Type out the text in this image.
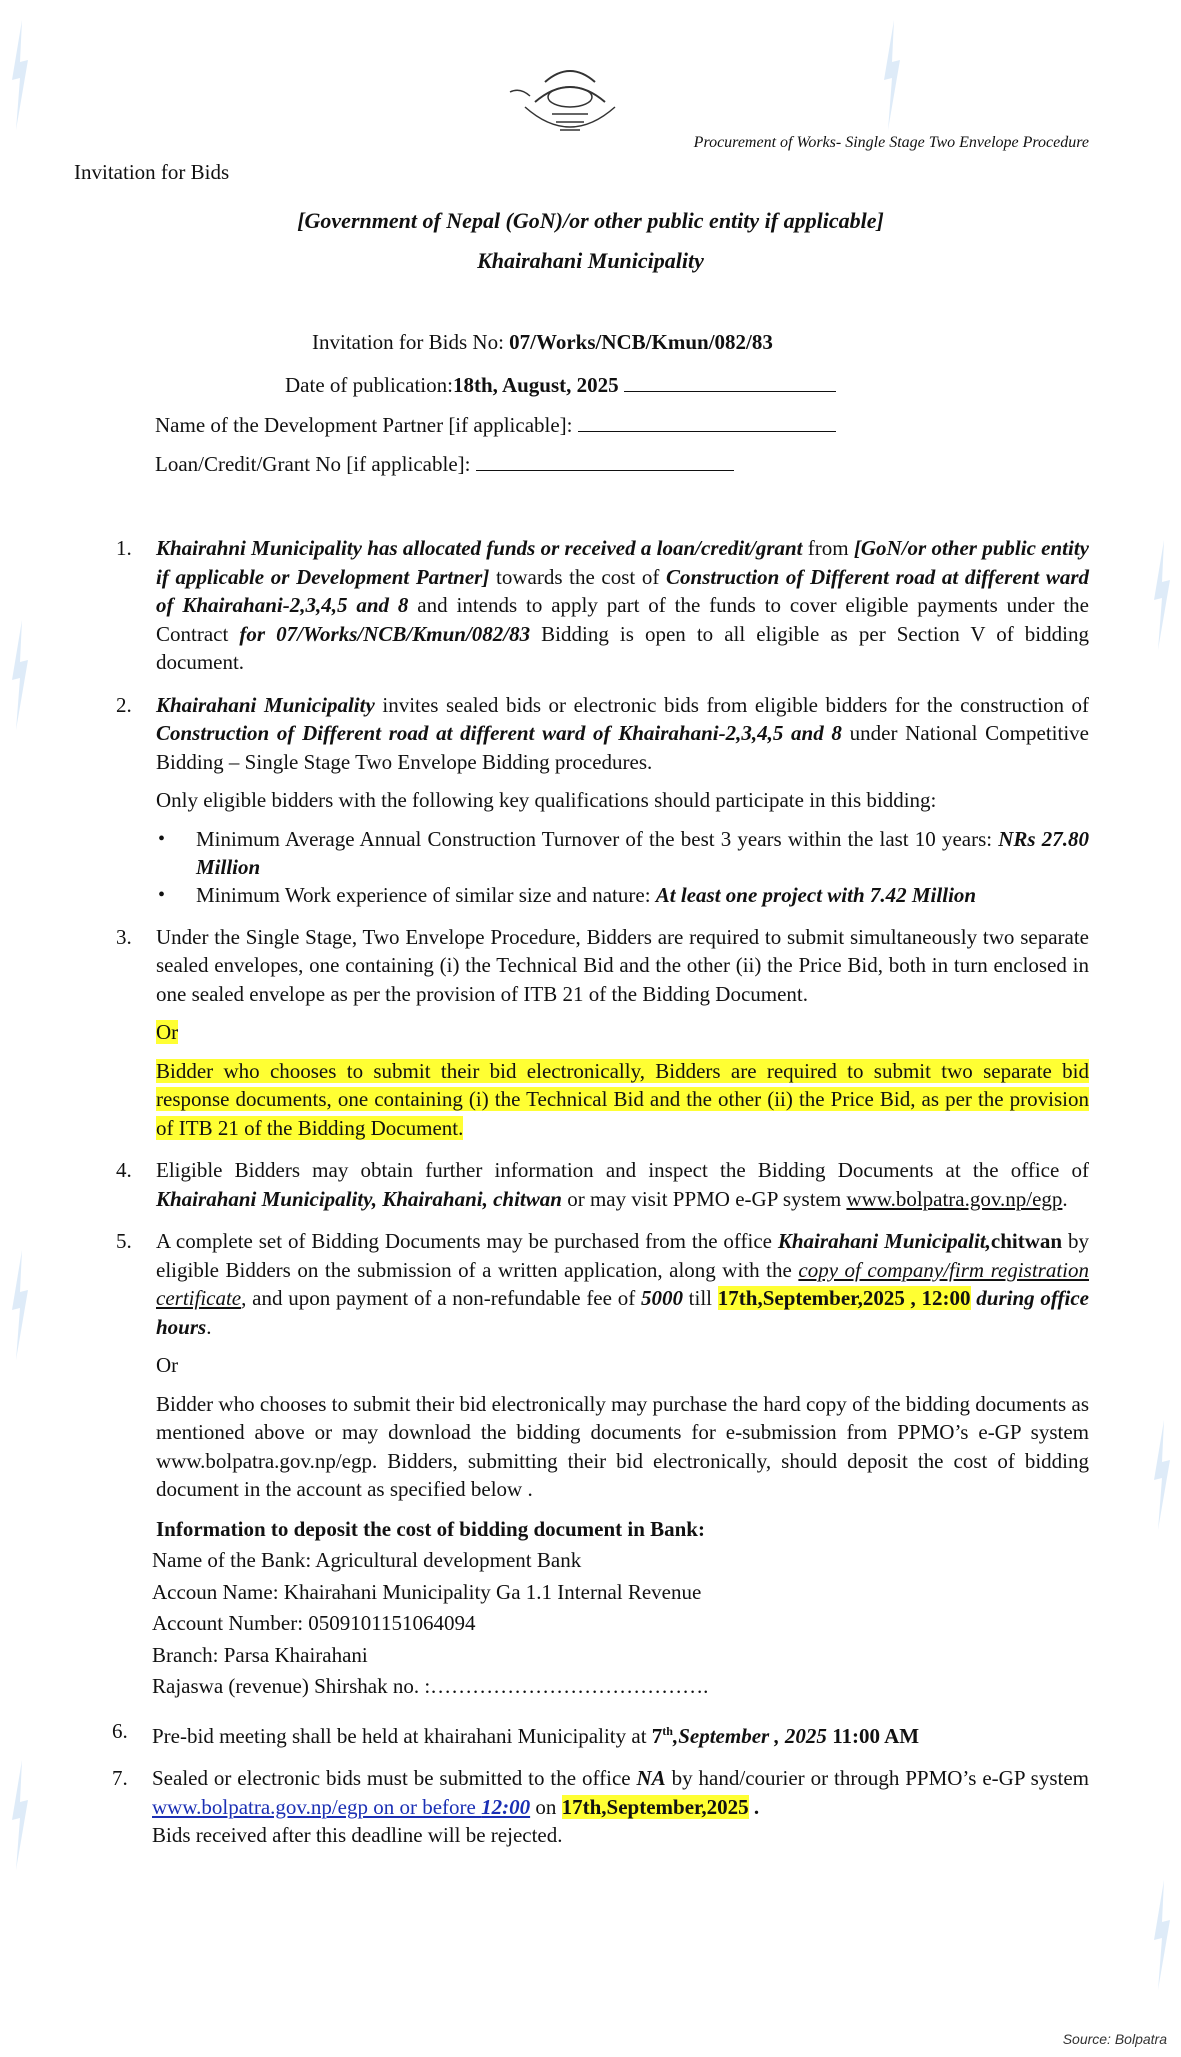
Procurement of Works- Single Stage Two Envelope Procedure
Invitation for Bids
[Government of Nepal (GoN)/or other public entity if applicable]
Khairahani Municipality
Invitation for Bids No: 07/Works/NCB/Kmun/082/83
Date of publication:18th, August, 2025
Name of the Development Partner [if applicable]:
Loan/Credit/Grant No [if applicable]:
1. Khairahni Municipality has allocated funds or received a loan/credit/grant from [GoN/or other public entity if applicable or Development Partner] towards the cost of Construction of Different road at different ward of Khairahani-2,3,4,5 and 8 and intends to apply part of the funds to cover eligible payments under the Contract for 07/Works/NCB/Kmun/082/83 Bidding is open to all eligible as per Section V of bidding document.

2. Khairahani Municipality invites sealed bids or electronic bids from eligible bidders for the construction of Construction of Different road at different ward of Khairahani-2,3,4,5 and 8 under National Competitive Bidding – Single Stage Two Envelope Bidding procedures.

Only eligible bidders with the following key qualifications should participate in this bidding:

• Minimum Average Annual Construction Turnover of the best 3 years within the last 10 years: NRs 27.80 Million
• Minimum Work experience of similar size and nature: At least one project with 7.42 Million
3. Under the Single Stage, Two Envelope Procedure, Bidders are required to submit simultaneously two separate sealed envelopes, one containing (i) the Technical Bid and the other (ii) the Price Bid, both in turn enclosed in one sealed envelope as per the provision of ITB 21 of the Bidding Document.

Or

Bidder who chooses to submit their bid electronically, Bidders are required to submit two separate bid response documents, one containing (i) the Technical Bid and the other (ii) the Price Bid, as per the provision of ITB 21 of the Bidding Document.

4. Eligible Bidders may obtain further information and inspect the Bidding Documents at the office of Khairahani Municipality, Khairahani, chitwan or may visit PPMO e-GP system www.bolpatra.gov.np/egp.

5. A complete set of Bidding Documents may be purchased from the office Khairahani Municipalit,chitwan by eligible Bidders on the submission of a written application, along with the copy of company/firm registration certificate, and upon payment of a non-refundable fee of 5000 till 17th,September,2025 , 12:00 during office hours.

Or

Bidder who chooses to submit their bid electronically may purchase the hard copy of the bidding documents as mentioned above or may download the bidding documents for e-submission from PPMO’s e-GP system www.bolpatra.gov.np/egp. Bidders, submitting their bid electronically, should deposit the cost of bidding document in the account as specified below .

Information to deposit the cost of bidding document in Bank:
Name of the Bank: Agricultural development Bank
Accoun Name: Khairahani Municipality Ga 1.1 Internal Revenue
Account Number: 0509101151064094
Branch: Parsa Khairahani
Rajaswa (revenue) Shirshak no. :………………………………….
6. Pre-bid meeting shall be held at khairahani Municipality at 7th,September , 2025 11:00 AM

7. Sealed or electronic bids must be submitted to the office NA by hand/courier or through PPMO’s e-GP system www.bolpatra.gov.np/egp on or before 12:00 on 17th,September,2025 .
Bids received after this deadline will be rejected.

Source: Bolpatra
